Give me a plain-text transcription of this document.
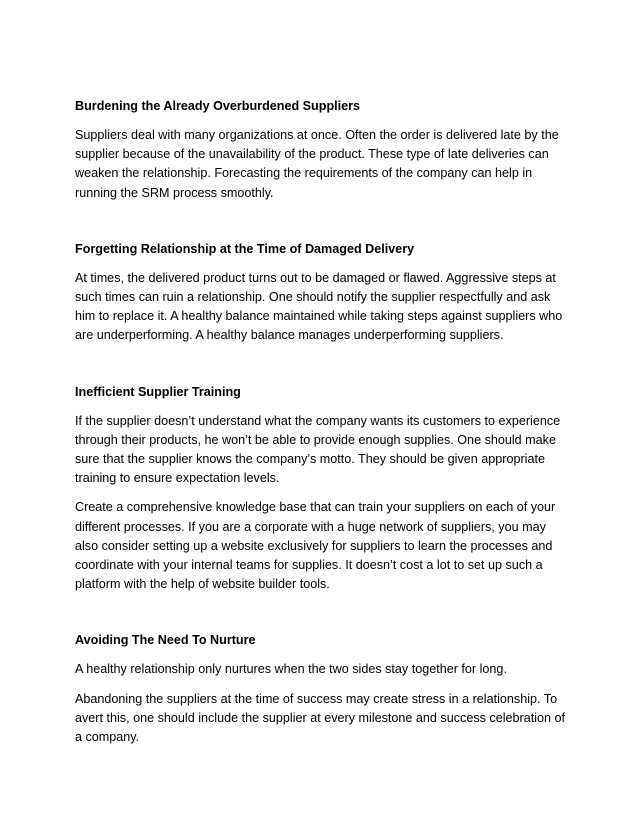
Burdening the Already Overburdened Suppliers

Suppliers deal with many organizations at once. Often the order is delivered late by the supplier because of the unavailability of the product. These type of late deliveries can weaken the relationship. Forecasting the requirements of the company can help in running the SRM process smoothly.

Forgetting Relationship at the Time of Damaged Delivery

At times, the delivered product turns out to be damaged or flawed. Aggressive steps at such times can ruin a relationship. One should notify the supplier respectfully and ask him to replace it. A healthy balance maintained while taking steps against suppliers who are underperforming. A healthy balance manages underperforming suppliers.

Inefficient Supplier Training

If the supplier doesn’t understand what the company wants its customers to experience through their products, he won’t be able to provide enough supplies. One should make sure that the supplier knows the company’s motto. They should be given appropriate training to ensure expectation levels.

Create a comprehensive knowledge base that can train your suppliers on each of your different processes. If you are a corporate with a huge network of suppliers, you may also consider setting up a website exclusively for suppliers to learn the processes and coordinate with your internal teams for supplies. It doesn’t cost a lot to set up such a platform with the help of website builder tools.

Avoiding The Need To Nurture

A healthy relationship only nurtures when the two sides stay together for long.

Abandoning the suppliers at the time of success may create stress in a relationship. To avert this, one should include the supplier at every milestone and success celebration of a company.
